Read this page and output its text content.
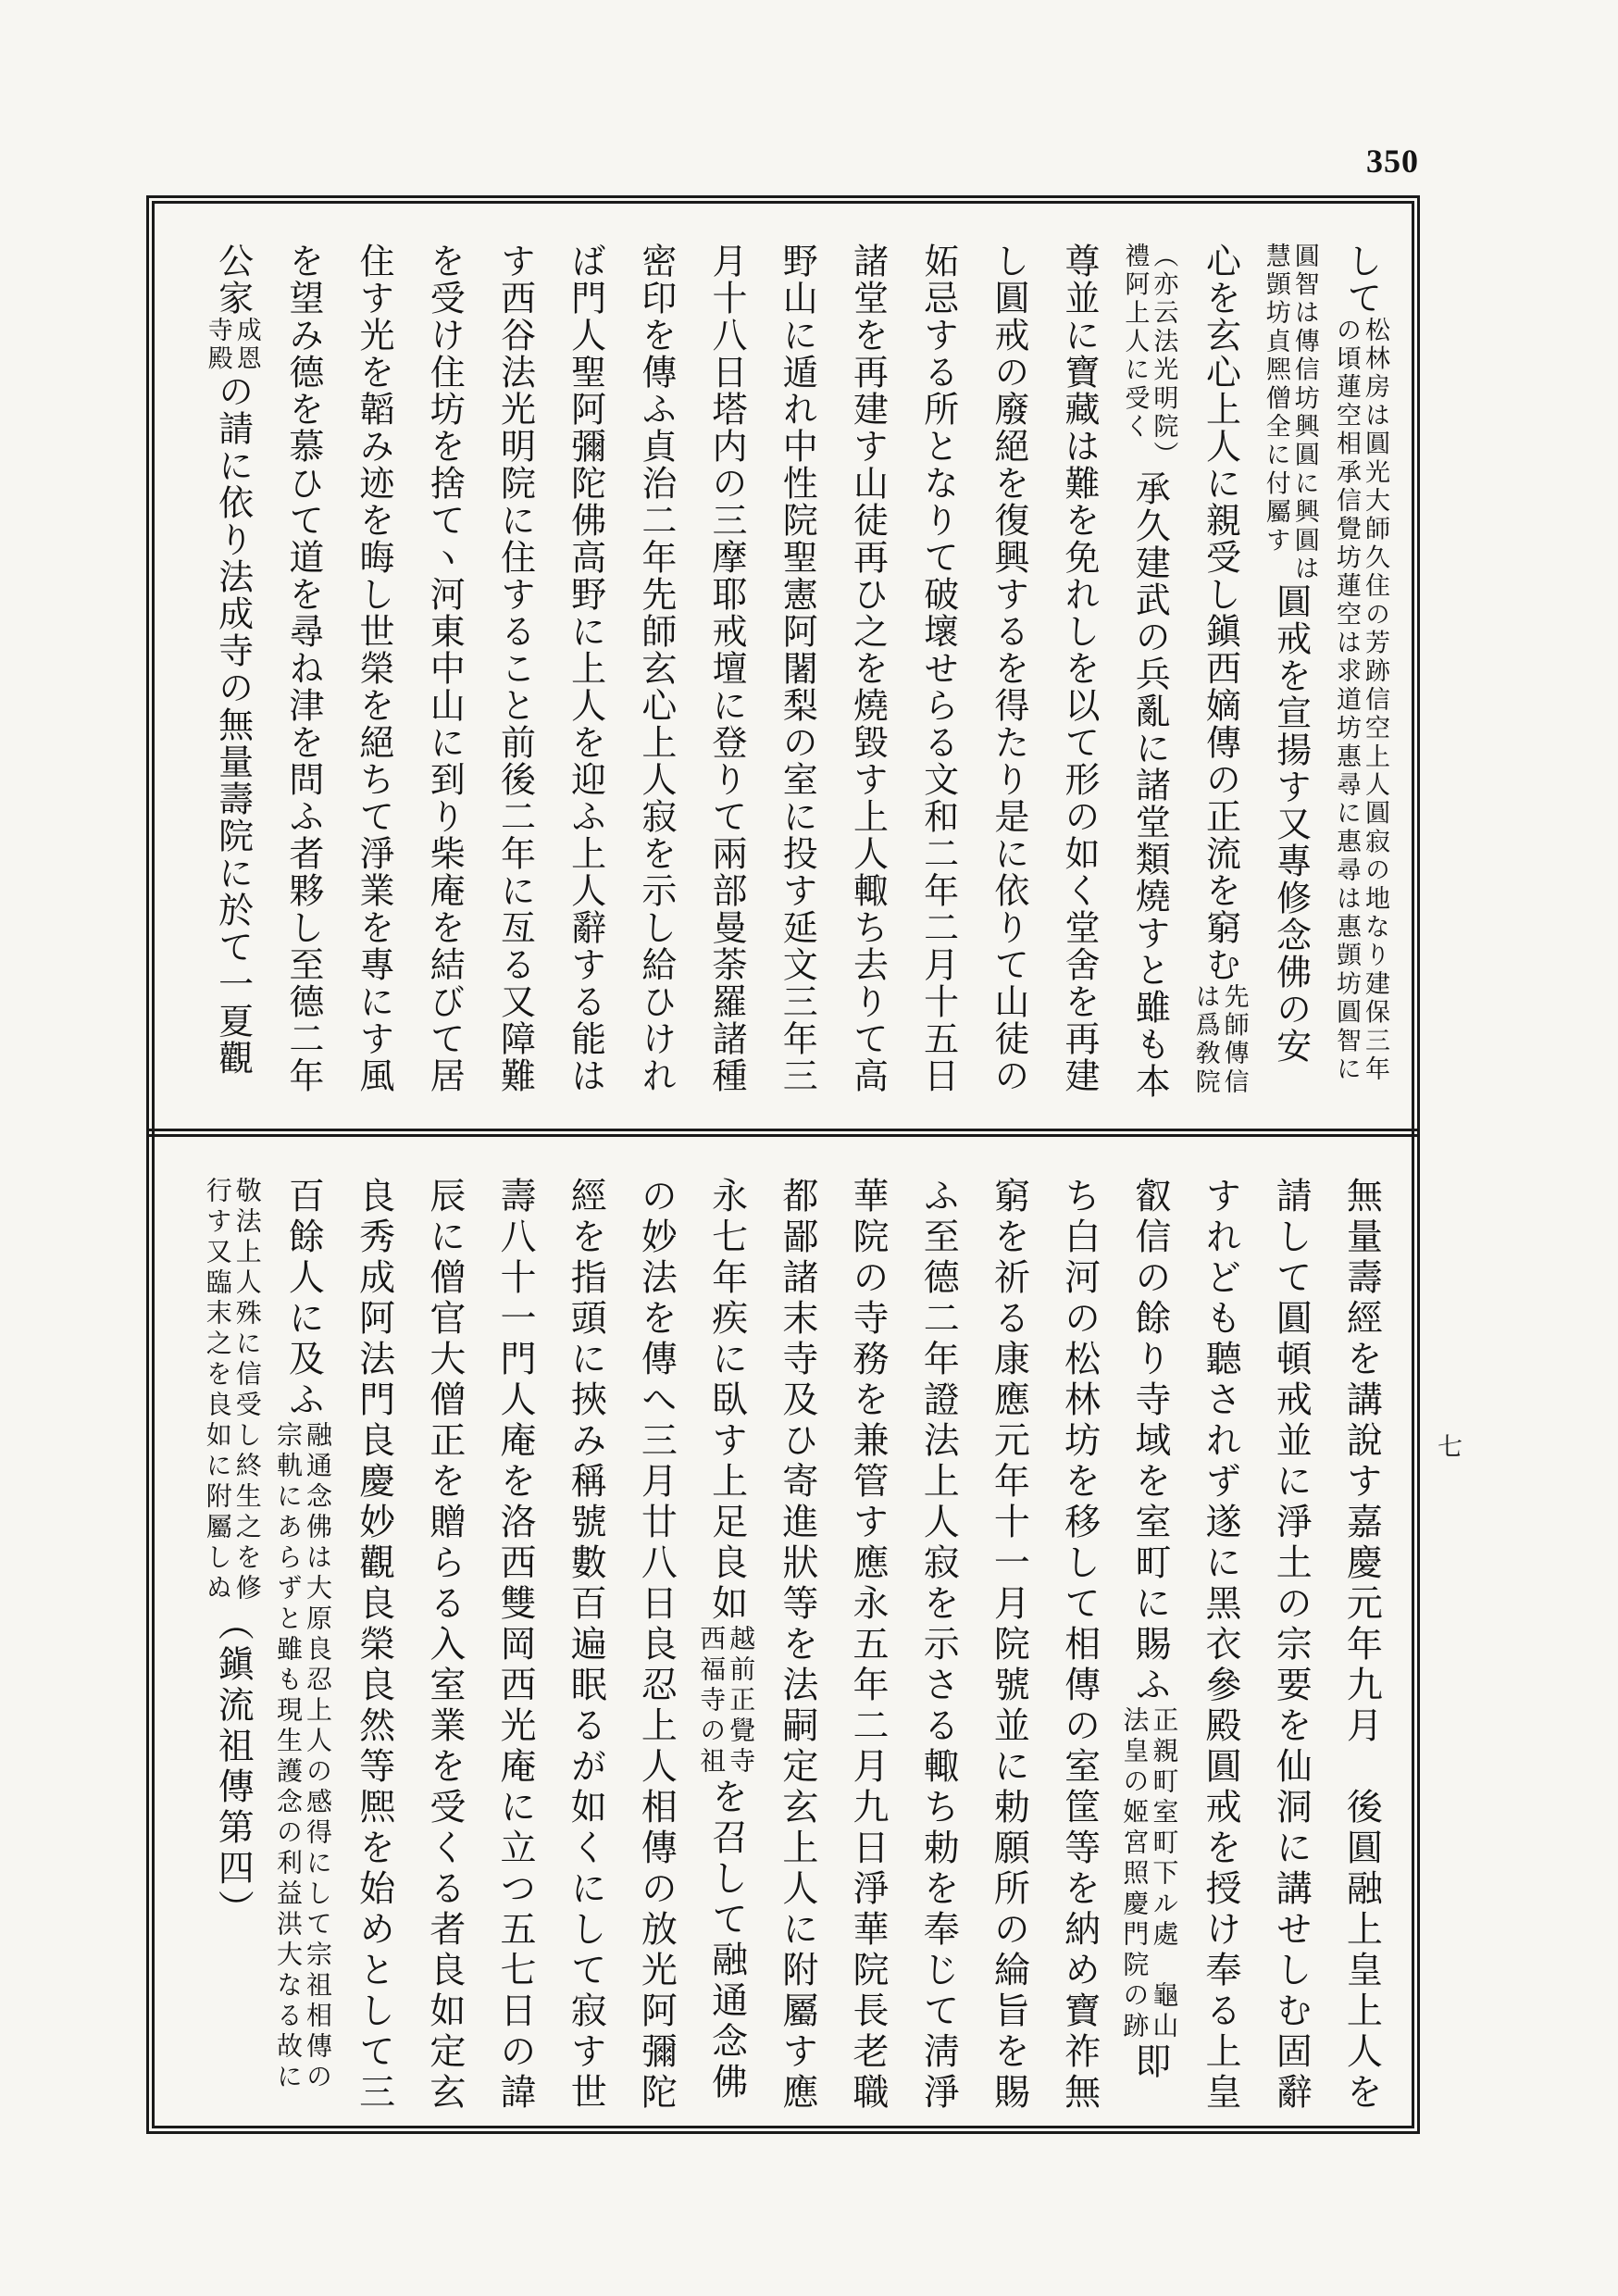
350
七
して
松林房は圓光大師久住の芳跡信空上人圓寂の地なり建保三年
の頃蓮空相承信覺坊蓮空は求道坊惠尋に惠尋は惠顗坊圓智に
圓智は傳信坊興圓に興圓は
慧顗坊貞熈僧全に付屬す
圓戒を宣揚す又專修念佛の安
心を玄心上人に親受し鎭西嫡傳の正流を窮む
先師傳信
は爲敎院
（亦云法光明院）
禮阿上人に受く
承久建武の兵亂に諸堂類燒すと雖も本
尊並に寶藏は難を免れしを以て形の如く堂舍を再建
し圓戒の廢絕を復興するを得たり是に依りて山徒の
妬忌する所となりて破壞せらる文和二年二月十五日
諸堂を再建す山徒再ひ之を燒毀す上人輙ち去りて高
野山に遁れ中性院聖憲阿闍梨の室に投す延文三年三
月十八日塔内の三摩耶戒壇に登りて兩部曼荼羅諸種
密印を傳ふ貞治二年先師玄心上人寂を示し給ひけれ
ば門人聖阿彌陀佛高野に上人を迎ふ上人辭する能は
す西谷法光明院に住すること前後二年に亙る又障難
を受け住坊を捨てヽ河東中山に到り柴庵を結びて居
住す光を韜み迹を晦し世榮を絕ちて淨業を專にす風
を望み德を慕ひて道を尋ね津を問ふ者夥し至德二年
公家
成恩
寺殿
の請に依り法成寺の無量壽院に於て一夏觀
無量壽經を講說す嘉慶元年九月　後圓融上皇上人を
請して圓頓戒並に淨土の宗要を仙洞に講せしむ固辭
すれども聽されず遂に黑衣參殿圓戒を授け奉る上皇
叡信の餘り寺域を室町に賜ふ
正親町室町下ル處　龜山
法皇の姬宮照慶門院の跡
即
ち白河の松林坊を移して相傳の室筐等を納め寶祚無
窮を祈る康應元年十一月院號並に勅願所の綸旨を賜
ふ至德二年證法上人寂を示さる輙ち勅を奉じて淸淨
華院の寺務を兼管す應永五年二月九日淨華院長老職
都鄙諸末寺及ひ寄進狀等を法嗣定玄上人に附屬す應
永七年疾に臥す上足良如
越前正覺寺
西福寺の祖
を召して融通念佛
の妙法を傳へ三月廿八日良忍上人相傳の放光阿彌陀
經を指頭に挾み稱號數百遍眠るが如くにして寂す世
壽八十一門人庵を洛西雙岡西光庵に立つ五七日の諱
辰に僧官大僧正を贈らる入室業を受くる者良如定玄
良秀成阿法門良慶妙觀良榮良然等熈を始めとして三
百餘人に及ふ
融通念佛は大原良忍上人の感得にして宗祖相傳の
宗軌にあらずと雖も現生護念の利益洪大なる故に
敬法上人殊に信受し終生之を修
行す又臨末之を良如に附屬しぬ
（鎭流祖傳第四）
